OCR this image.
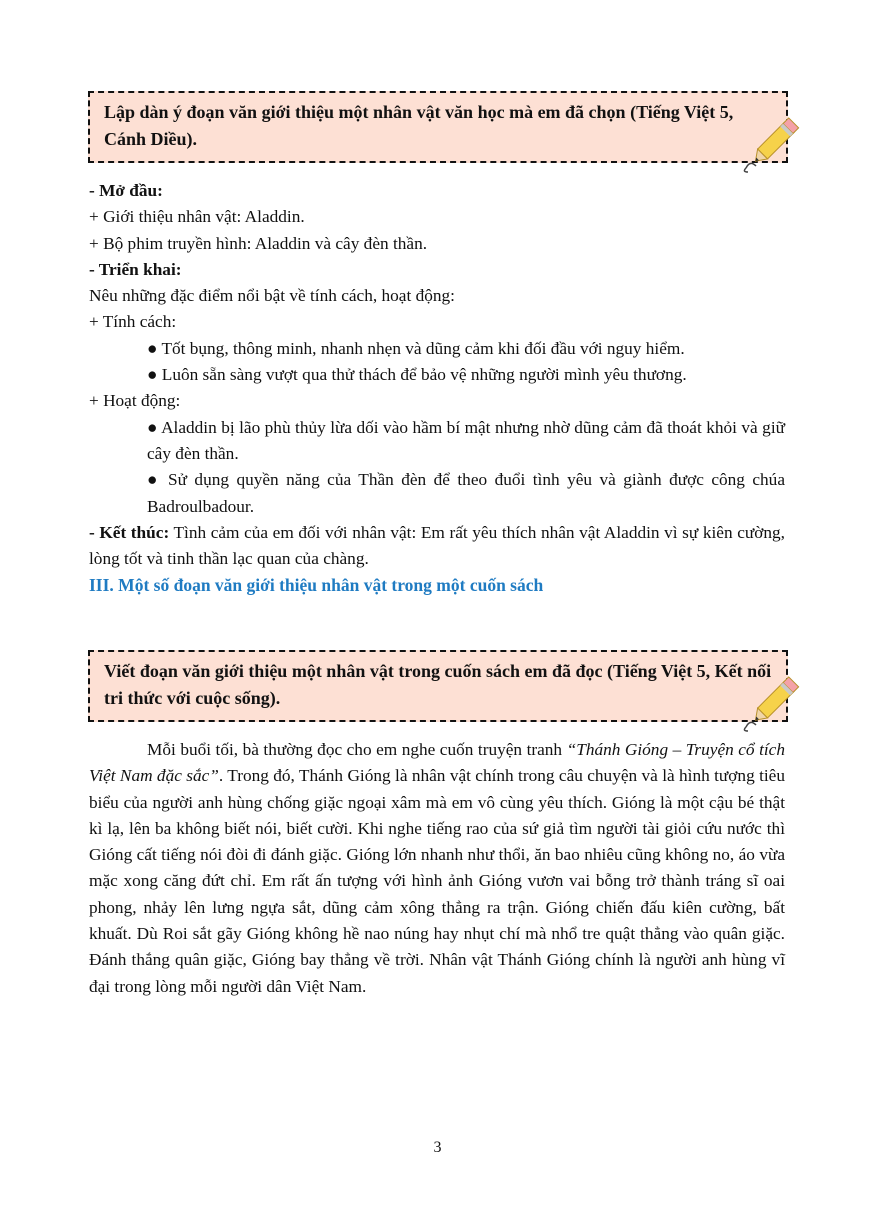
Lập dàn ý đoạn văn giới thiệu một nhân vật văn học mà em đã chọn (Tiếng Việt 5, Cánh Diều).

- Mở đầu:

+ Giới thiệu nhân vật: Aladdin.

+ Bộ phim truyền hình: Aladdin và cây đèn thần.

- Triển khai:

Nêu những đặc điểm nổi bật về tính cách, hoạt động:

+ Tính cách:

● Tốt bụng, thông minh, nhanh nhẹn và dũng cảm khi đối đầu với nguy hiểm.

● Luôn sẵn sàng vượt qua thử thách để bảo vệ những người mình yêu thương.

+ Hoạt động:

● Aladdin bị lão phù thủy lừa dối vào hầm bí mật nhưng nhờ dũng cảm đã thoát khỏi và giữ cây đèn thần.

● Sử dụng quyền năng của Thần đèn để theo đuổi tình yêu và giành được công chúa Badroulbadour.

- Kết thúc: Tình cảm của em đối với nhân vật: Em rất yêu thích nhân vật Aladdin vì sự kiên cường, lòng tốt và tinh thần lạc quan của chàng.

III. Một số đoạn văn giới thiệu nhân vật trong một cuốn sách

Viết đoạn văn giới thiệu một nhân vật trong cuốn sách em đã đọc (Tiếng Việt 5, Kết nối tri thức với cuộc sống).

Mỗi buổi tối, bà thường đọc cho em nghe cuốn truyện tranh “Thánh Gióng – Truyện cổ tích Việt Nam đặc sắc”. Trong đó, Thánh Gióng là nhân vật chính trong câu chuyện và là hình tượng tiêu biểu của người anh hùng chống giặc ngoại xâm mà em vô cùng yêu thích. Gióng là một cậu bé thật kì lạ, lên ba không biết nói, biết cười. Khi nghe tiếng rao của sứ giả tìm người tài giỏi cứu nước thì Gióng cất tiếng nói đòi đi đánh giặc. Gióng lớn nhanh như thổi, ăn bao nhiêu cũng không no, áo vừa mặc xong căng đứt chỉ. Em rất ấn tượng với hình ảnh Gióng vươn vai bỗng trở thành tráng sĩ oai phong, nhảy lên lưng ngựa sắt, dũng cảm xông thẳng ra trận. Gióng chiến đấu kiên cường, bất khuất. Dù Roi sắt gãy Gióng không hề nao núng hay nhụt chí mà nhổ tre quật thẳng vào quân giặc. Đánh thắng quân giặc, Gióng bay thẳng về trời. Nhân vật Thánh Gióng chính là người anh hùng vĩ đại trong lòng mỗi người dân Việt Nam.

3
